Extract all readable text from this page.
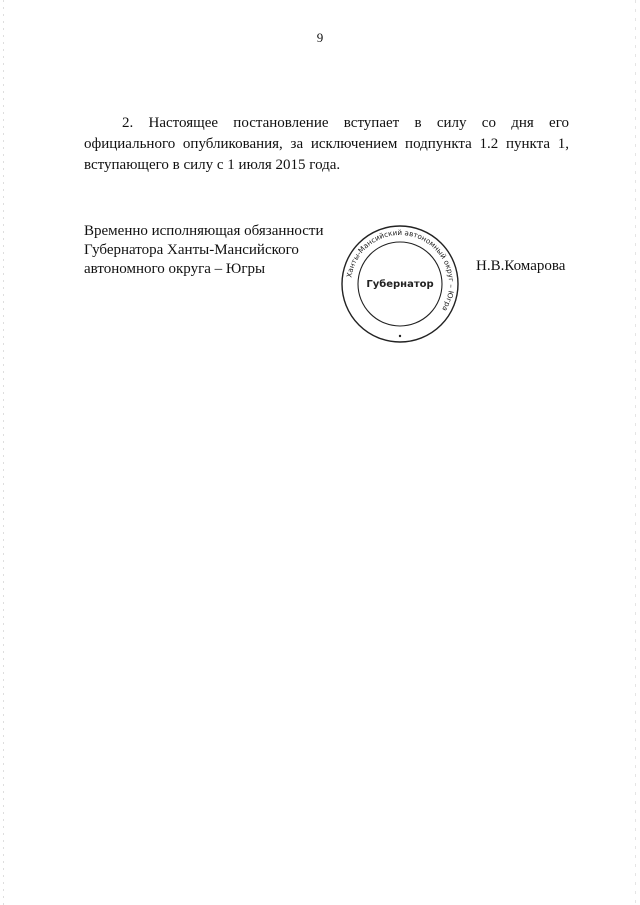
9

2. Настоящее постановление вступает в силу со дня его официального опубликования, за исключением подпункта 1.2 пункта 1, вступающего в силу с 1 июля 2015 года.

Временно исполняющая обязанности
Губернатора Ханты-Мансийского
автономного округа – Югры	Ханты-Мансийский автономный округ – Югра
Губернатор
Н.В.Комарова
